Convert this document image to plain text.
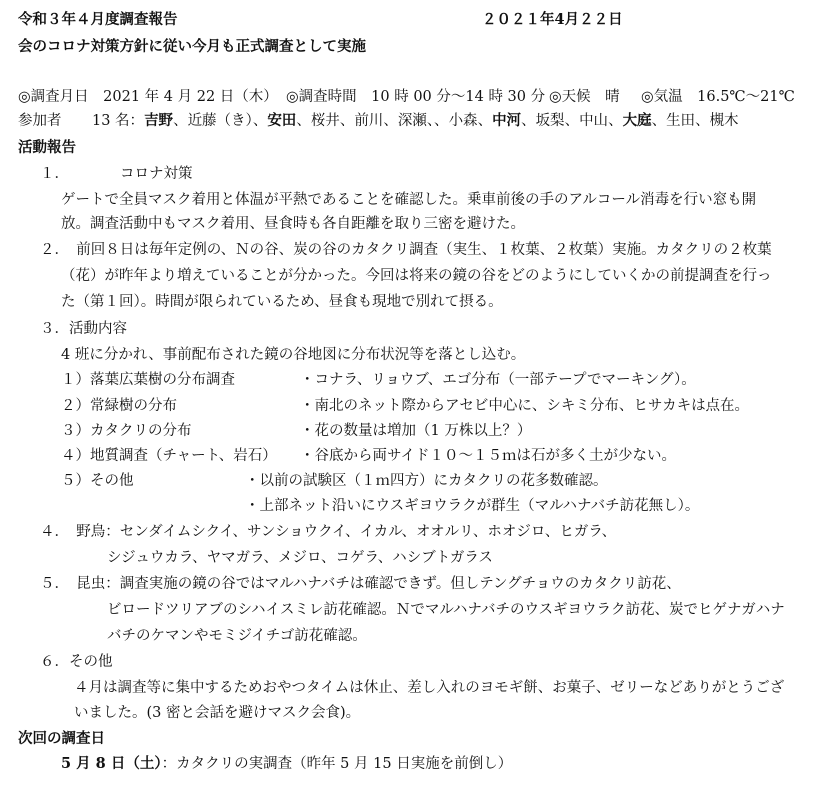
令和３年４月度調査報告	２０２１年4月２２日
会のコロナ対策方針に従い今月も正式調査として実施
◎調査月日　2021 年 4 月 22 日（木） ◎調査時間　10 時 00 分～14 時 30 分 ◎天候　晴 ◎気温　16.5℃～21℃
参加者 13 名：吉野、近藤（き）、安田、桜井、前川、深瀬、、小森、中河、坂梨、中山、大庭、生田、槻木
活動報告
１．	コロナ対策
ゲートで全員マスク着用と体温が平熱であることを確認した。乗車前後の手のアルコール消毒を行い窓も開
放。調査活動中もマスク着用、昼食時も各自距離を取り三密を避けた。
２．　前回８日は毎年定例の、Ｎの谷、炭の谷のカタクリ調査（実生、１枚葉、２枚葉）実施。カタクリの２枚葉
（花）が昨年より増えていることが分かった。今回は将来の鏡の谷をどのようにしていくかの前提調査を行っ
た（第１回）。時間が限られているため、昼食も現地で別れて摂る。
３．活動内容
4 班に分かれ、事前配布された鏡の谷地図に分布状況等を落とし込む。
１）落葉広葉樹の分布調査	・コナラ、リョウブ、エゴ分布（一部テープでマーキング）。
２）常緑樹の分布	・南北のネット際からアセビ中心に、シキミ分布、ヒサカキは点在。
３）カタクリの分布	・花の数量は増加（1 万株以上？）
４）地質調査（チャート、岩石） ・谷底から両サイド１０～１５ｍは石が多く土が少ない。
５）その他	・以前の試験区（１ｍ四方）にカタクリの花多数確認。
・上部ネット沿いにウスギヨウラクが群生（マルハナバチ訪花無し）。
４．　野鳥：センダイムシクイ、サンショウクイ、イカル、オオルリ、ホオジロ、ヒガラ、
シジュウカラ、ヤマガラ、メジロ、コゲラ、ハシブトガラス
５．　昆虫：調査実施の鏡の谷ではマルハナバチは確認できず。但しテングチョウのカタクリ訪花、
ビロードツリアブのシハイスミレ訪花確認。Ｎでマルハナバチのウスギヨウラク訪花、炭でヒゲナガハナ
バチのケマンやモミジイチゴ訪花確認。
６．その他
４月は調査等に集中するためおやつタイムは休止、差し入れのヨモギ餅、お菓子、ゼリーなどありがとうござ
いました。(3 密と会話を避けマスク会食)。
次回の調査日
5 月 8 日（土）：カタクリの実調査（昨年 5 月 15 日実施を前倒し）
